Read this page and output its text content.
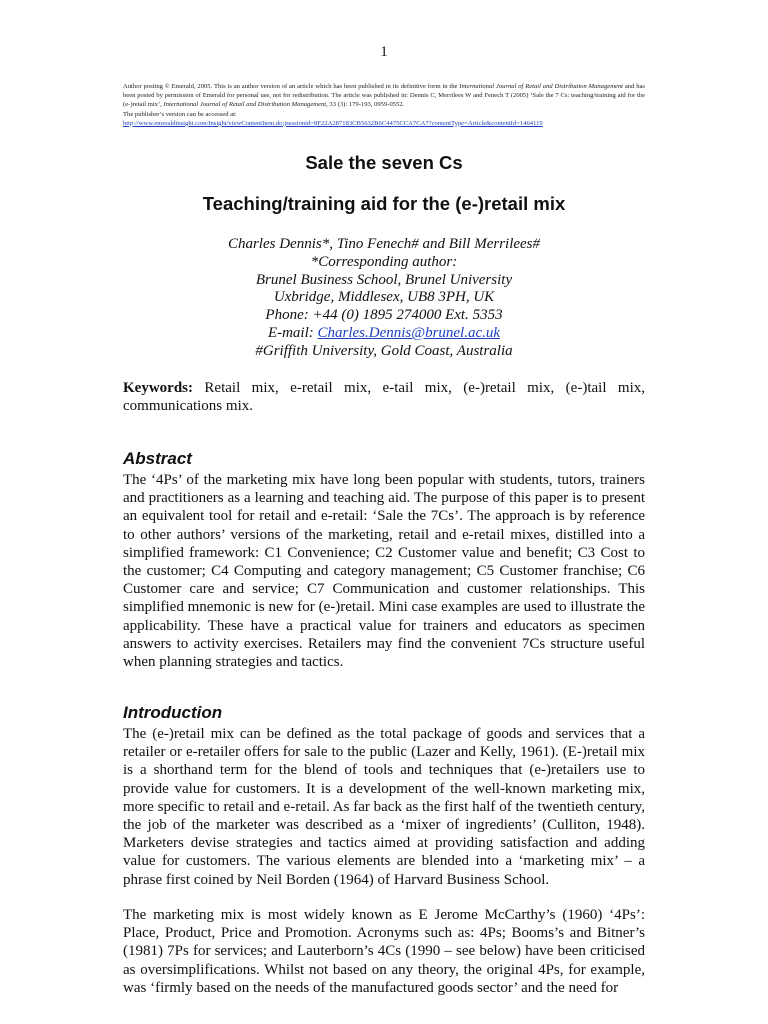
1

Author posting © Emerald, 2005. This is an author version of an article which has been published in its definitive form in the International Journal of Retail and Distribution Management and has been posted by permission of Emerald for personal use, not for redistribution. The article was published in: Dennis C, Merrilees W and Fenech T (2005) ‘Sale the 7 Cs: teaching/training aid for the (e-)retail mix’, International Journal of Retail and Distribution Management, 33 (3): 179-193, 0959-0552.

The publisher’s version can be accessed at:

http://www.emeraldinsight.com/Insight/viewContentItem.do;jsessionid=8F22A287183CB5632B6C4475CCA7CA7?contentType=Article&contentId=1464119
Sale the seven Cs
Teaching/training aid for the (e-)retail mix
Charles Dennis*, Tino Fenech# and Bill Merrilees#
*Corresponding author:
Brunel Business School, Brunel University
Uxbridge, Middlesex, UB8 3PH, UK
Phone: +44 (0) 1895 274000 Ext. 5353
E-mail: Charles.Dennis@brunel.ac.uk
#Griffith University, Gold Coast, Australia

Keywords: Retail mix, e-retail mix, e-tail mix, (e-)retail mix, (e-)tail mix, communications mix.

Abstract

The ‘4Ps’ of the marketing mix have long been popular with students, tutors, trainers and practitioners as a learning and teaching aid. The purpose of this paper is to present an equivalent tool for retail and e-retail: ‘Sale the 7Cs’. The approach is by reference to other authors’ versions of the marketing, retail and e-retail mixes, distilled into a simplified framework: C1 Convenience; C2 Customer value and benefit; C3 Cost to the customer; C4 Computing and category management; C5 Customer franchise; C6 Customer care and service; C7 Communication and customer relationships. This simplified mnemonic is new for (e-)retail. Mini case examples are used to illustrate the applicability. These have a practical value for trainers and educators as specimen answers to activity exercises. Retailers may find the convenient 7Cs structure useful when planning strategies and tactics.

Introduction

The (e-)retail mix can be defined as the total package of goods and services that a retailer or e-retailer offers for sale to the public (Lazer and Kelly, 1961). (E-)retail mix is a shorthand term for the blend of tools and techniques that (e-)retailers use to provide value for customers. It is a development of the well-known marketing mix, more specific to retail and e-retail. As far back as the first half of the twentieth century, the job of the marketer was described as a ‘mixer of ingredients’ (Culliton, 1948). Marketers devise strategies and tactics aimed at providing satisfaction and adding value for customers. The various elements are blended into a ‘marketing mix’ – a phrase first coined by Neil Borden (1964) of Harvard Business School.

The marketing mix is most widely known as E Jerome McCarthy’s (1960) ‘4Ps’: Place, Product, Price and Promotion. Acronyms such as: 4Ps; Booms’s and Bitner’s (1981) 7Ps for services; and Lauterborn’s 4Cs (1990 – see below) have been criticised as oversimplifications. Whilst not based on any theory, the original 4Ps, for example, was ‘firmly based on the needs of the manufactured goods sector’ and the need for
